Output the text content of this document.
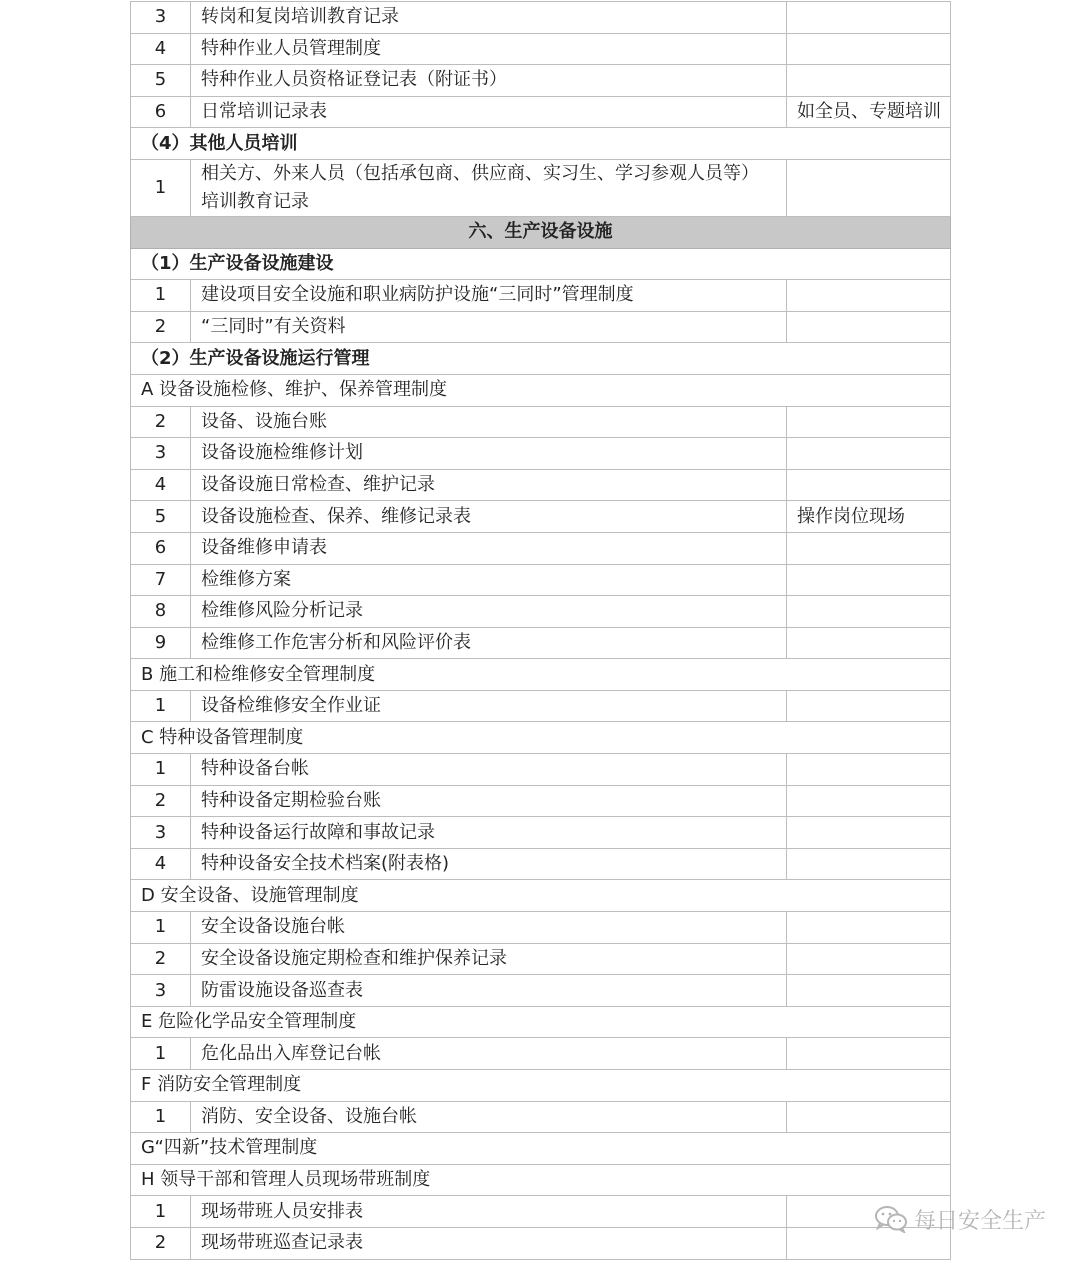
3	转岗和复岗培训教育记录	
4	特种作业人员管理制度	
5	特种作业人员资格证登记表（附证书）	
6	日常培训记录表	如全员、专题培训
（4）其他人员培训		
1	相关方、外来人员（包括承包商、供应商、实习生、学习参观人员等）培训教育记录	
六、生产设备设施		
（1）生产设备设施建设		
1	建设项目安全设施和职业病防护设施“三同时”管理制度	
2	“三同时”有关资料	
（2）生产设备设施运行管理		
A 设备设施检修、维护、保养管理制度		
2	设备、设施台账	
3	设备设施检维修计划	
4	设备设施日常检查、维护记录	
5	设备设施检查、保养、维修记录表	操作岗位现场
6	设备维修申请表	
7	检维修方案	
8	检维修风险分析记录	
9	检维修工作危害分析和风险评价表	
B 施工和检维修安全管理制度		
1	设备检维修安全作业证	
C 特种设备管理制度		
1	特种设备台帐	
2	特种设备定期检验台账	
3	特种设备运行故障和事故记录	
4	特种设备安全技术档案(附表格)	
D 安全设备、设施管理制度		
1	安全设备设施台帐	
2	安全设备设施定期检查和维护保养记录	
3	防雷设施设备巡查表	
E 危险化学品安全管理制度		
1	危化品出入库登记台帐	
F 消防安全管理制度		
1	消防、安全设备、设施台帐	
G“四新”技术管理制度		
H 领导干部和管理人员现场带班制度		
1	现场带班人员安排表	
2	现场带班巡查记录表	
每日安全生产
